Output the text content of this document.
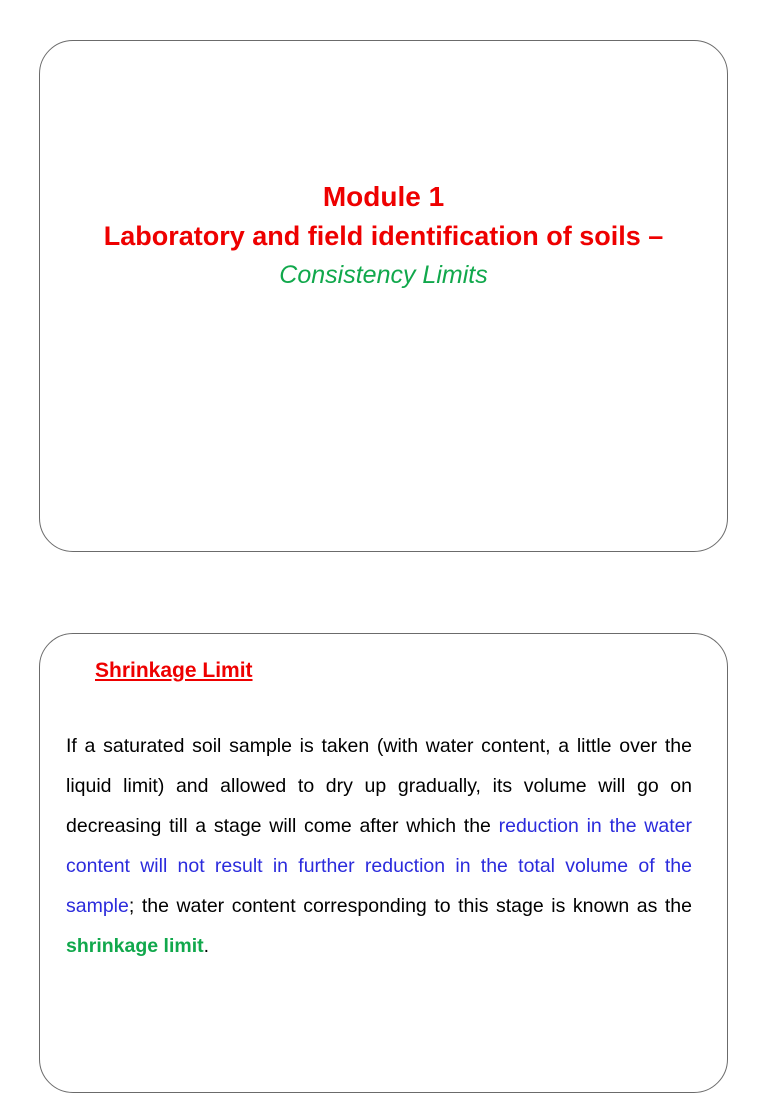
Module 1

Laboratory and field identification of soils –

Consistency Limits

Shrinkage Limit

If a saturated soil sample is taken (with water content, a little over the liquid limit) and allowed to dry up gradually, its volume will go on decreasing till a stage will come after which the reduction in the water content will not result in further reduction in the total volume of the sample; the water content corresponding to this stage is known as the shrinkage limit.
